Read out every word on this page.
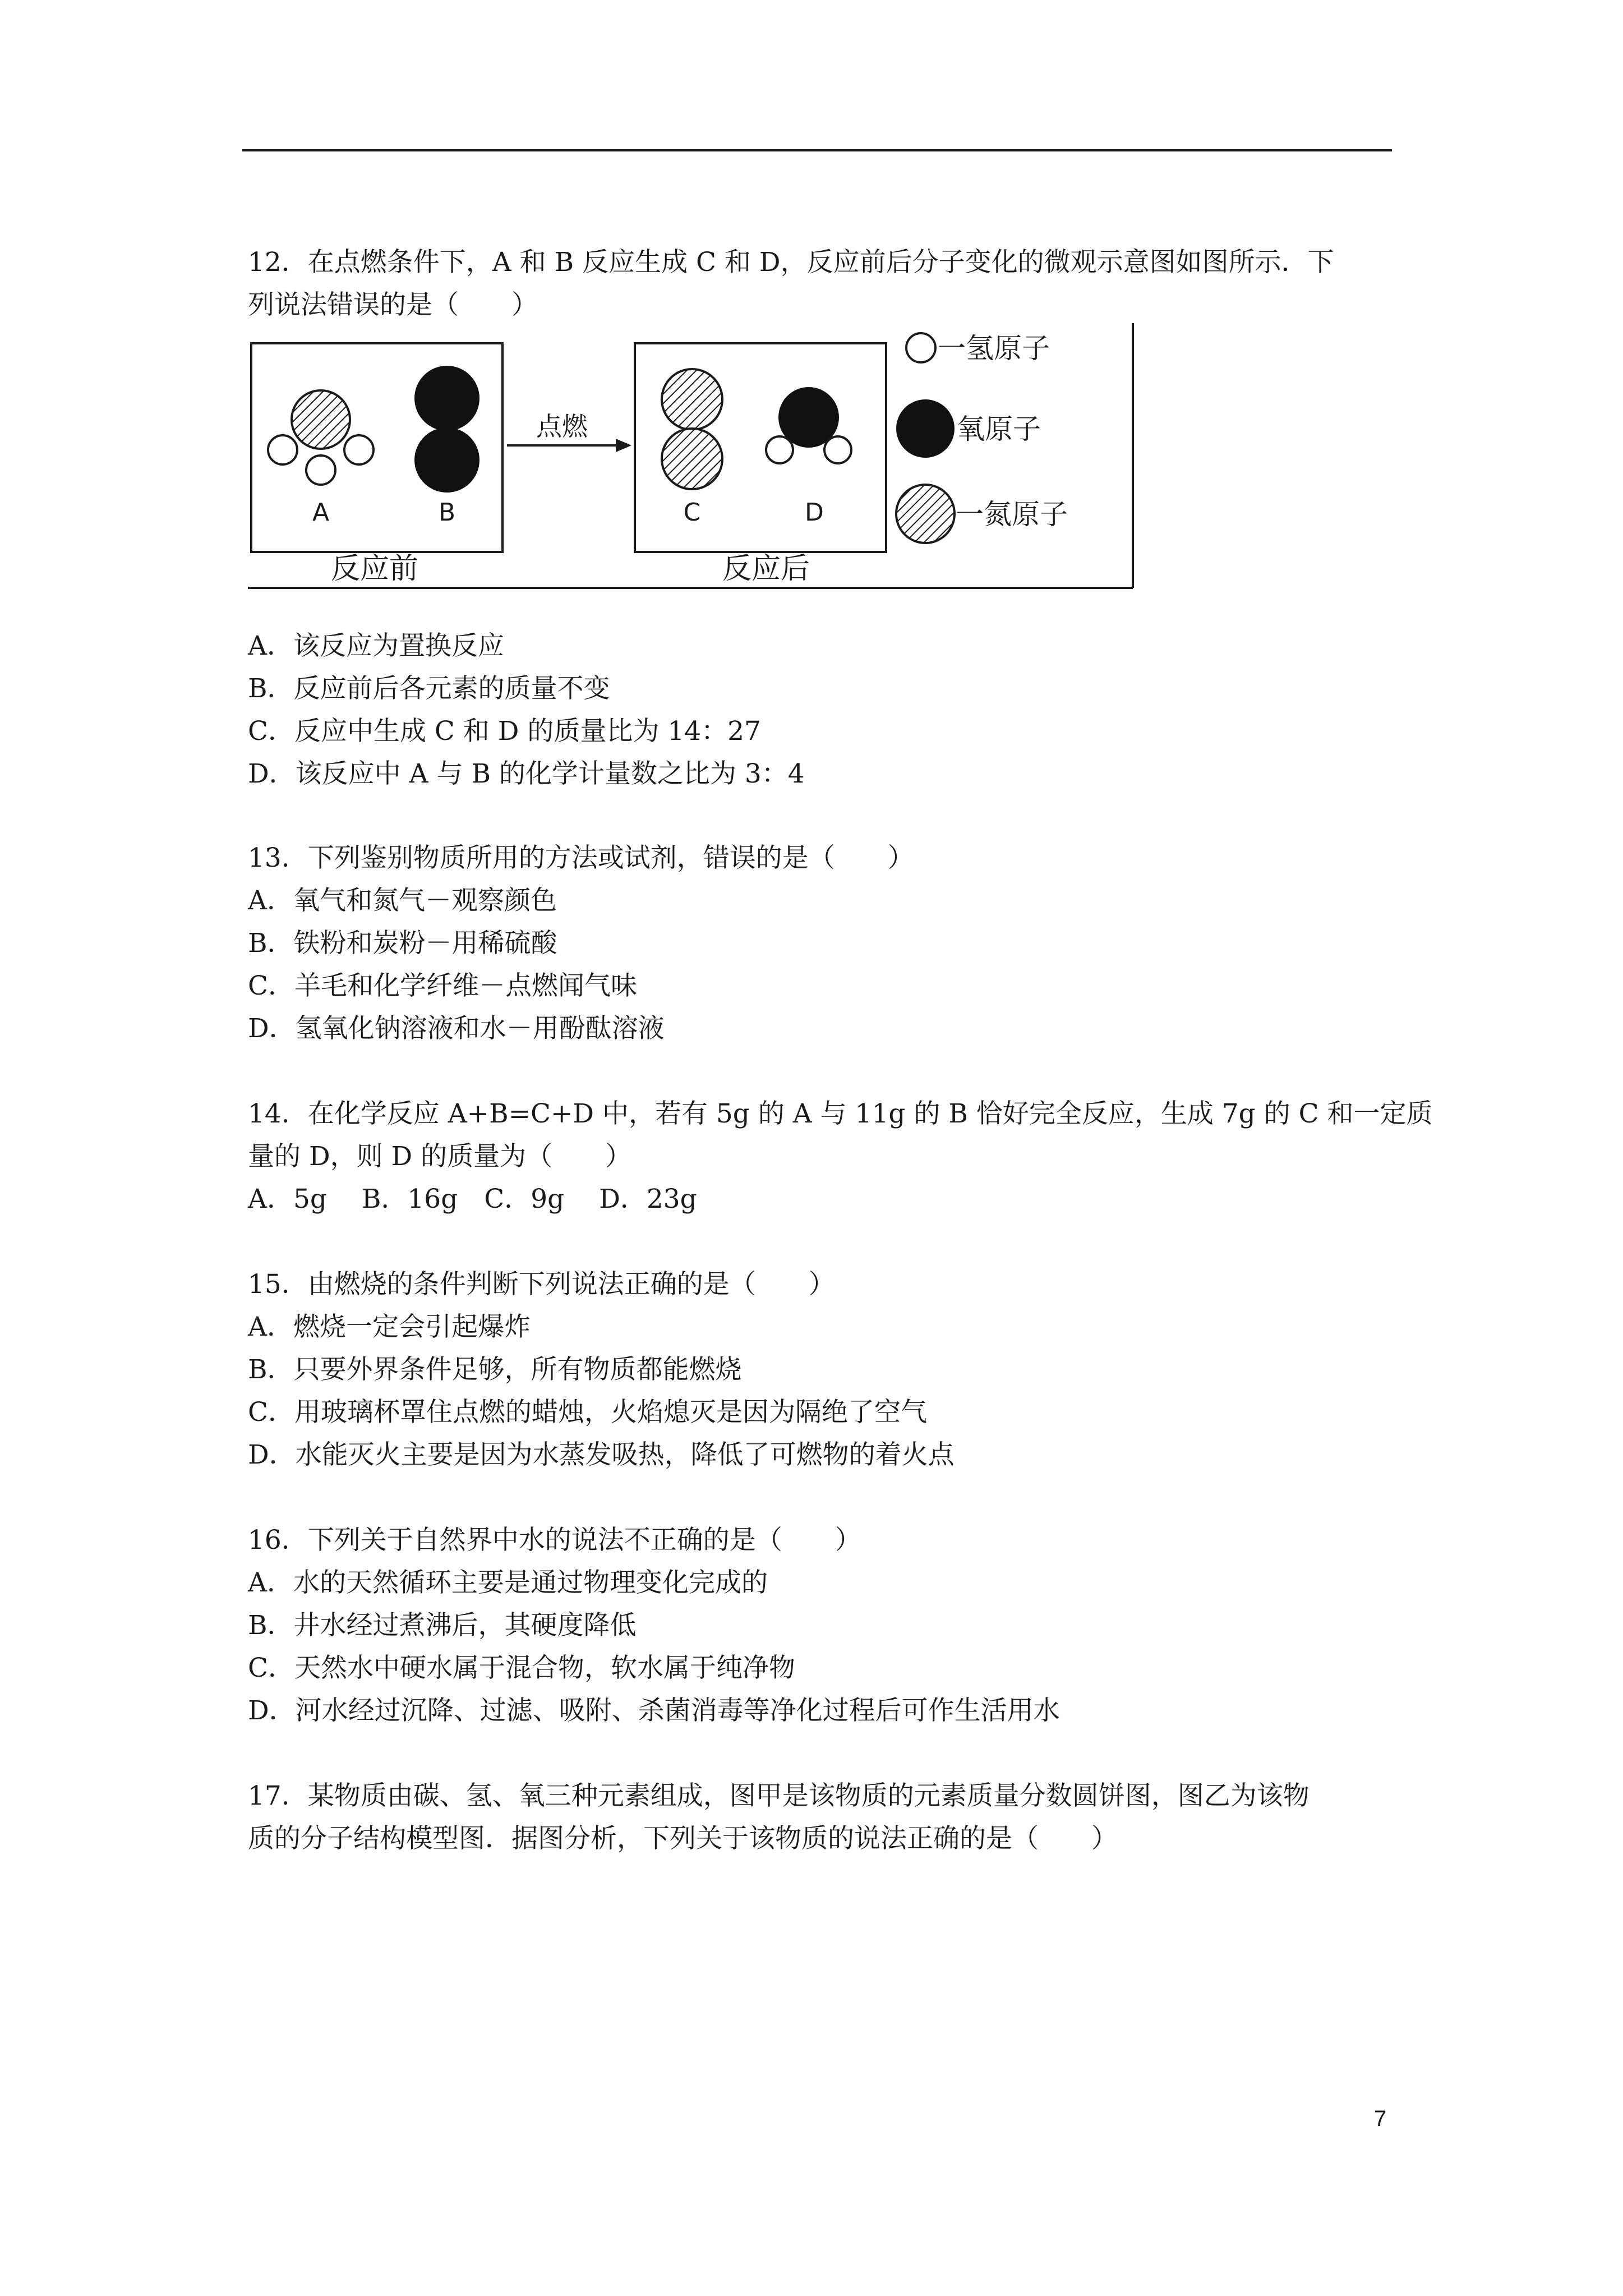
12．在点燃条件下，A 和 B 反应生成 C 和 D，反应前后分子变化的微观示意图如图所示．下
列说法错误的是（　　）
A	B
反应前
点燃
C	D
反应后
一氢原子
氧原子
一氮原子
A．该反应为置换反应
B．反应前后各元素的质量不变
C．反应中生成 C 和 D 的质量比为 14：27
D．该反应中 A 与 B 的化学计量数之比为 3：4
13．下列鉴别物质所用的方法或试剂，错误的是（　　）
A．氧气和氮气－观察颜色
B．铁粉和炭粉－用稀硫酸
C．羊毛和化学纤维－点燃闻气味
D．氢氧化钠溶液和水－用酚酞溶液
14．在化学反应 A+B=C+D 中，若有 5g 的 A 与 11g 的 B 恰好完全反应，生成 7g 的 C 和一定质
量的 D，则 D 的质量为（　　）
A．5g　 B．16g　C．9g　 D．23g
15．由燃烧的条件判断下列说法正确的是（　　）
A．燃烧一定会引起爆炸
B．只要外界条件足够，所有物质都能燃烧
C．用玻璃杯罩住点燃的蜡烛，火焰熄灭是因为隔绝了空气
D．水能灭火主要是因为水蒸发吸热，降低了可燃物的着火点
16．下列关于自然界中水的说法不正确的是（　　）
A．水的天然循环主要是通过物理变化完成的
B．井水经过煮沸后，其硬度降低
C．天然水中硬水属于混合物，软水属于纯净物
D．河水经过沉降、过滤、吸附、杀菌消毒等净化过程后可作生活用水
17．某物质由碳、氢、氧三种元素组成，图甲是该物质的元素质量分数圆饼图，图乙为该物
质的分子结构模型图．据图分析，下列关于该物质的说法正确的是（　　）
7
